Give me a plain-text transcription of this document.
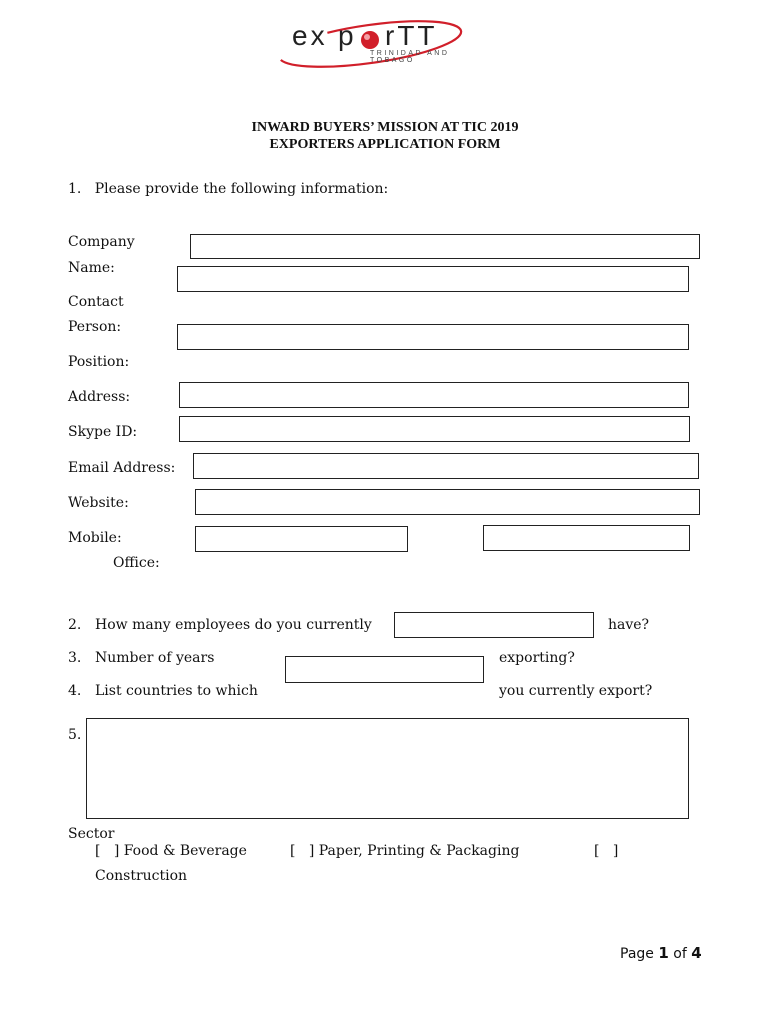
ex p rTT
TRINIDAD AND TOBAGO
INWARD BUYERS’ MISSION AT TIC 2019
EXPORTERS APPLICATION FORM
1.   Please provide the following information:
Company
Name:
Contact
Person:
Position:
Address:
Skype ID:
Email Address:
Website:
Mobile:
Office:
2. How many employees do you currently	have?
3. Number of years	exporting?
4. List countries to which	you currently export?
5.
Sector
[   ] Food & Beverage	[   ] Paper, Printing & Packaging	[   ]
Construction
Page 1 of 4
